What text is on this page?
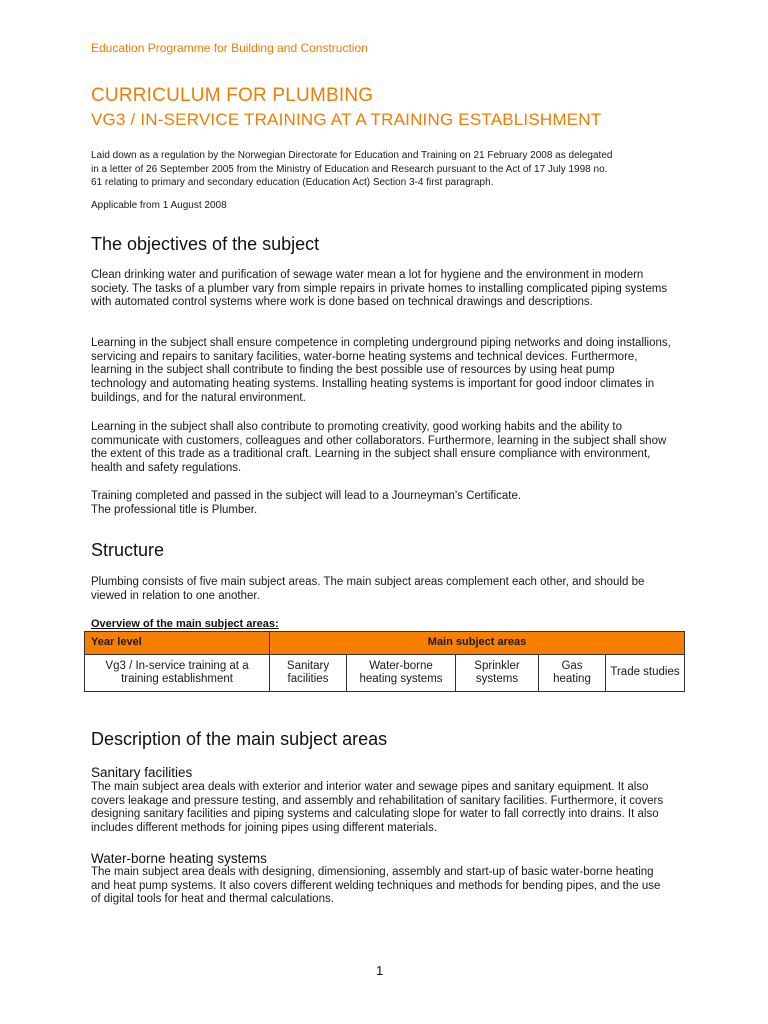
Education Programme for Building and Construction
CURRICULUM FOR PLUMBING
VG3 / IN-SERVICE TRAINING AT A TRAINING ESTABLISHMENT
Laid down as a regulation by the Norwegian Directorate for Education and Training on 21 February 2008 as delegated
in a letter of 26 September 2005 from the Ministry of Education and Research pursuant to the Act of 17 July 1998 no.
61 relating to primary and secondary education (Education Act) Section 3-4 first paragraph.
Applicable from 1 August 2008
The objectives of the subject

Clean drinking water and purification of sewage water mean a lot for hygiene and the environment in modern society. The tasks of a plumber vary from simple repairs in private homes to installing complicated piping systems with automated control systems where work is done based on technical drawings and descriptions.

Learning in the subject shall ensure competence in completing underground piping networks and doing installions, servicing and repairs to sanitary facilities, water-borne heating systems and technical devices. Furthermore, learning in the subject shall contribute to finding the best possible use of resources by using heat pump technology and automating heating systems. Installing heating systems is important for good indoor climates in buildings, and for the natural environment.

Learning in the subject shall also contribute to promoting creativity, good working habits and the ability to communicate with customers, colleagues and other collaborators. Furthermore, learning in the subject shall show the extent of this trade as a traditional craft. Learning in the subject shall ensure compliance with environment, health and safety regulations.

Training completed and passed in the subject will lead to a Journeyman's Certificate.

The professional title is Plumber.

Structure

Plumbing consists of five main subject areas. The main subject areas complement each other, and should be viewed in relation to one another.

Overview of the main subject areas:
Year level	Main subject areas				
Vg3 / In-service training at a training establishment	Sanitary facilities	Water-borne heating systems	Sprinkler systems	Gas heating	Trade studies
Description of the main subject areas
Sanitary facilities

The main subject area deals with exterior and interior water and sewage pipes and sanitary equipment. It also covers leakage and pressure testing, and assembly and rehabilitation of sanitary facilities. Furthermore, it covers designing sanitary facilities and piping systems and calculating slope for water to fall correctly into drains. It also includes different methods for joining pipes using different materials.

Water-borne heating systems

The main subject area deals with designing, dimensioning, assembly and start-up of basic water-borne heating and heat pump systems. It also covers different welding techniques and methods for bending pipes, and the use of digital tools for heat and thermal calculations.

1
